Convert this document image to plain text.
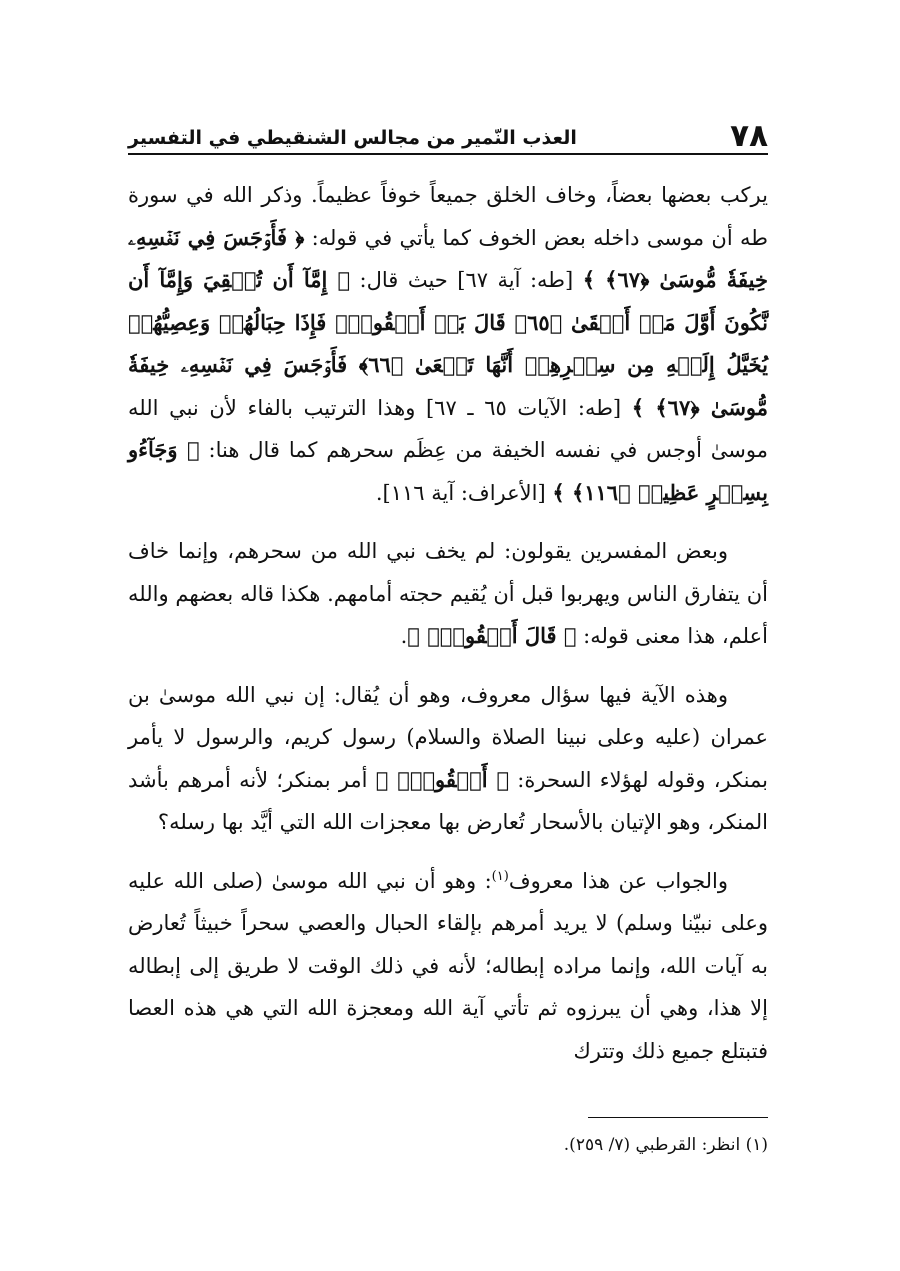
٧٨
العذب النّمير من مجالس الشنقيطي في التفسير

يركب بعضها بعضاً، وخاف الخلق جميعاً خوفاً عظيماً. وذكر الله في سورة طه أن موسى داخله بعض الخوف كما يأتي في قوله: ﴿ فَأَوۡجَسَ فِي نَفۡسِهِۦ خِيفَةٗ مُّوسَىٰ ﴿٦٧﴾ ﴾ [طه: آية ٦٧] حيث قال: ﴿ إِمَّآ أَن تُلۡقِيَ وَإِمَّآ أَن نَّكُونَ أَوَّلَ مَنۡ أَلۡقَىٰ ﴿٦٥﴾ قَالَ بَلۡ أَلۡقُواْۖ فَإِذَا حِبَالُهُمۡ وَعِصِيُّهُمۡ يُخَيَّلُ إِلَيۡهِ مِن سِحۡرِهِمۡ أَنَّهَا تَسۡعَىٰ ﴿٦٦﴾ فَأَوۡجَسَ فِي نَفۡسِهِۦ خِيفَةٗ مُّوسَىٰ ﴿٦٧﴾ ﴾ [طه: الآيات ٦٥ ـ ٦٧] وهذا الترتيب بالفاء لأن نبي الله موسىٰ أوجس في نفسه الخيفة من عِظَم سحرهم كما قال هنا: ﴿ وَجَآءُو بِسِحۡرٍ عَظِيمٖ ﴿١١٦﴾ ﴾ [الأعراف: آية ١١٦].

وبعض المفسرين يقولون: لم يخف نبي الله من سحرهم، وإنما خاف أن يتفارق الناس ويهربوا قبل أن يُقيم حجته أمامهم. هكذا قاله بعضهم والله أعلم، هذا معنى قوله: ﴿ قَالَ أَلۡقُواْۖ ﴾.

وهذه الآية فيها سؤال معروف، وهو أن يُقال: إن نبي الله موسىٰ بن عمران (عليه وعلى نبينا الصلاة والسلام) رسول كريم، والرسول لا يأمر بمنكر، وقوله لهؤلاء السحرة: ﴿ أَلۡقُواْۖ ﴾ أمر بمنكر؛ لأنه أمرهم بأشد المنكر، وهو الإتيان بالأسحار تُعارض بها معجزات الله التي أيَّد بها رسله؟

والجواب عن هذا معروف$^{(١)}$: وهو أن نبي الله موسىٰ (صلى الله عليه وعلى نبيّنا وسلم) لا يريد أمرهم بإلقاء الحبال والعصي سحراً خبيثاً تُعارض به آيات الله، وإنما مراده إبطاله؛ لأنه في ذلك الوقت لا طريق إلى إبطاله إلا هذا، وهي أن يبرزوه ثم تأتي آية الله ومعجزة الله التي هي هذه العصا فتبتلع جميع ذلك وتترك

(١) انظر: القرطبي (٧/ ٢٥٩).
